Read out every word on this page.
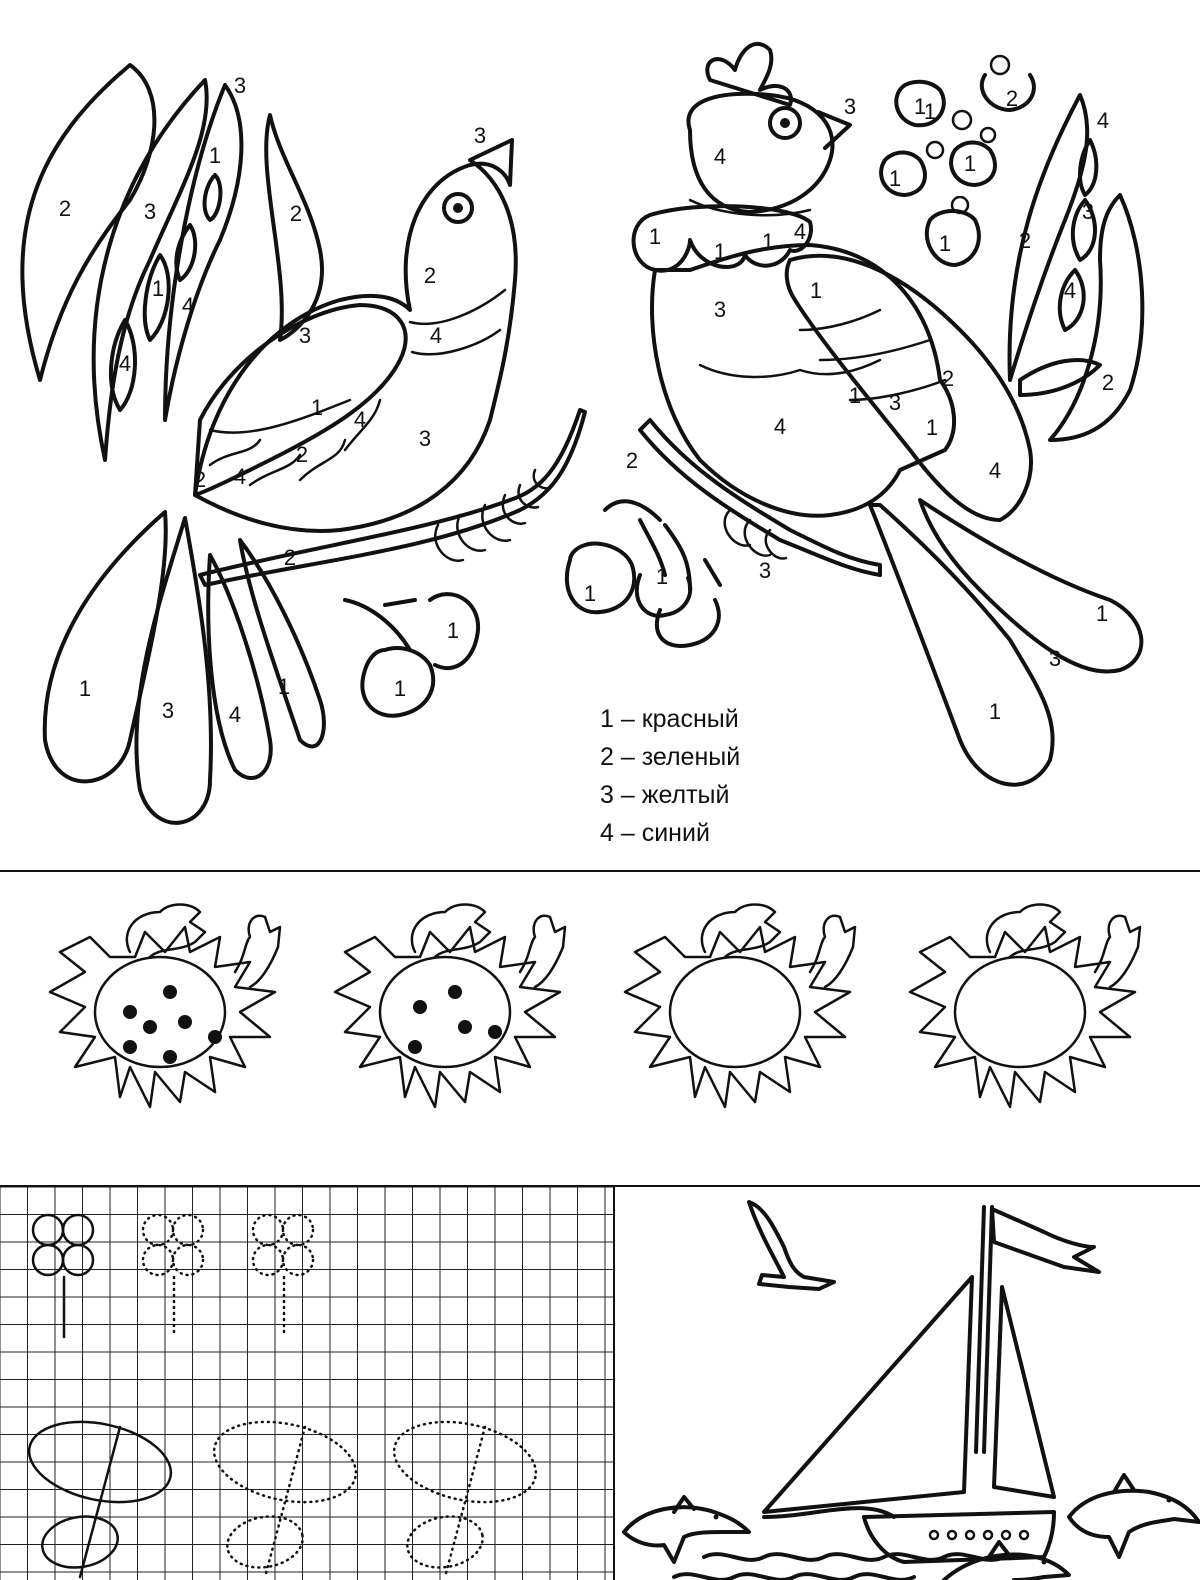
3
3
1
2	3	2
1
4
4
3
2
4
1 4
3
2
2 4
2
1
3 4
1
1
1
3
4
1	2
1
4
3
1
1
1
1
1 1 4	2
3
4
2
1
2
3
1
4
2	4
1
1
1
3
1
3
1
1 – красный
2 – зеленый
3 – желтый
4 – синий
